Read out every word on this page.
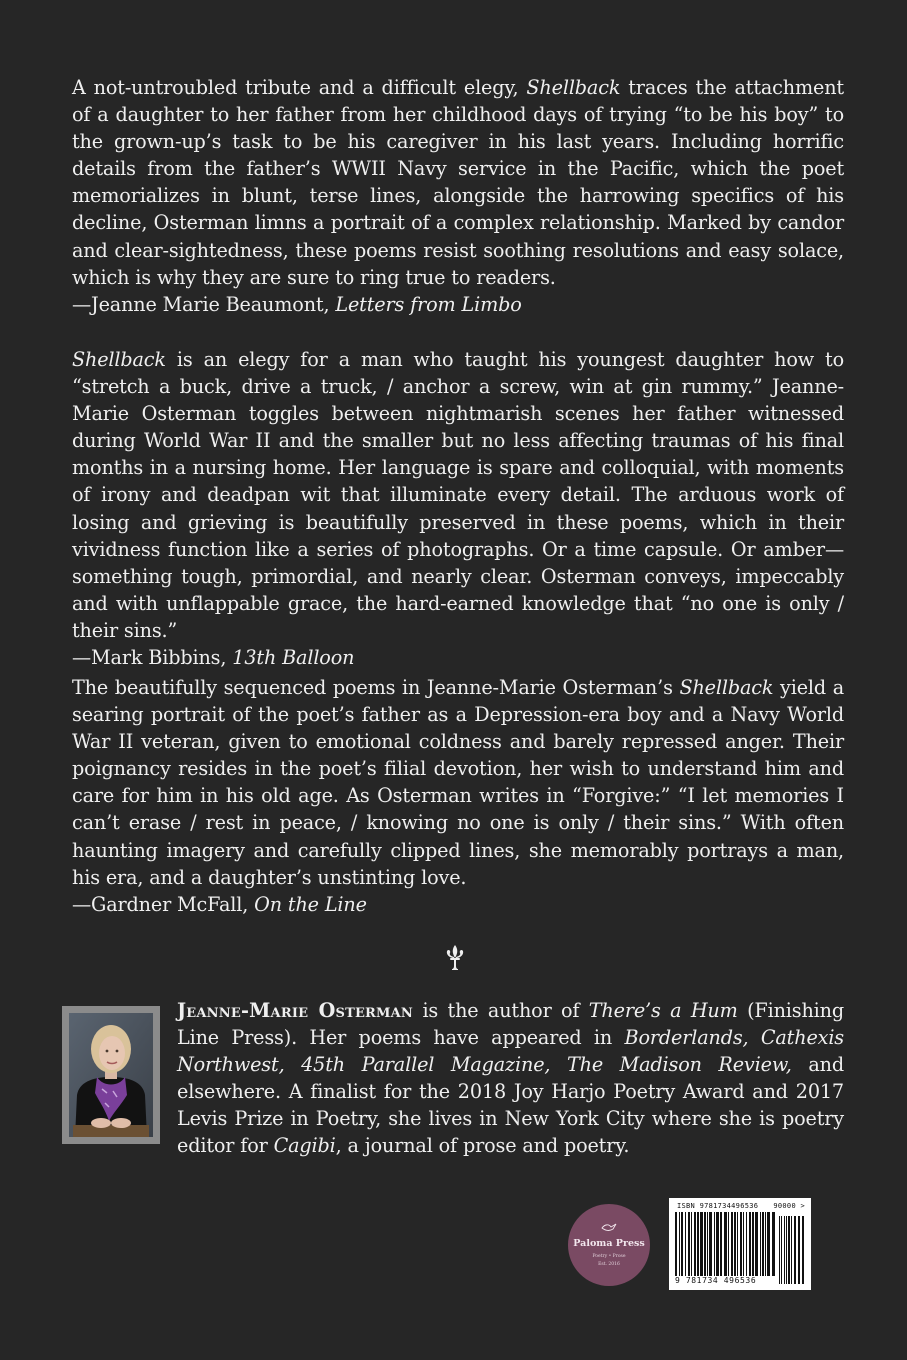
A not-untroubled tribute and a difficult elegy, Shellback traces the attachment of a daughter to her father from her childhood days of trying “to be his boy” to the grown-up’s task to be his caregiver in his last years. Including horrific details from the father’s WWII Navy service in the Pacific, which the poet memorializes in blunt, terse lines, alongside the harrowing specifics of his decline, Osterman limns a portrait of a complex relationship. Marked by candor and clear-sightedness, these poems resist soothing resolutions and easy solace, which is why they are sure to ring true to readers.

—Jeanne Marie Beaumont, Letters from Limbo

Shellback is an elegy for a man who taught his youngest daughter how to “stretch a buck, drive a truck, / anchor a screw, win at gin rummy.” Jeanne-Marie Osterman toggles between nightmarish scenes her father witnessed during World War II and the smaller but no less affecting traumas of his final months in a nursing home. Her language is spare and colloquial, with moments of irony and deadpan wit that illuminate every detail. The arduous work of losing and grieving is beautifully preserved in these poems, which in their vividness function like a series of photographs. Or a time capsule. Or amber—something tough, primordial, and nearly clear. Osterman conveys, impeccably and with unflappable grace, the hard-earned knowledge that “no one is only / their sins.”

—Mark Bibbins, 13th Balloon

The beautifully sequenced poems in Jeanne-Marie Osterman’s Shellback yield a searing portrait of the poet’s father as a Depression-era boy and a Navy World War II veteran, given to emotional coldness and barely repressed anger. Their poignancy resides in the poet’s filial devotion, her wish to understand him and care for him in his old age. As Osterman writes in “Forgive:” “I let memories I can’t erase / rest in peace, / knowing no one is only / their sins.” With often haunting imagery and carefully clipped lines, she memorably portrays a man, his era, and a daughter’s unstinting love.

—Gardner McFall, On the Line

Jeanne-Marie Osterman is the author of There’s a Hum (Finishing Line Press). Her poems have appeared in Borderlands, Cathexis Northwest, 45th Parallel Magazine, The Madison Review, and elsewhere. A finalist for the 2018 Joy Harjo Poetry Award and 2017 Levis Prize in Poetry, she lives in New York City where she is poetry editor for Cagibi, a journal of prose and poetry.
Paloma Press
Poetry • Prose
Est. 2016
ISBN 9781734496536 90000 >
9 781734 496536
